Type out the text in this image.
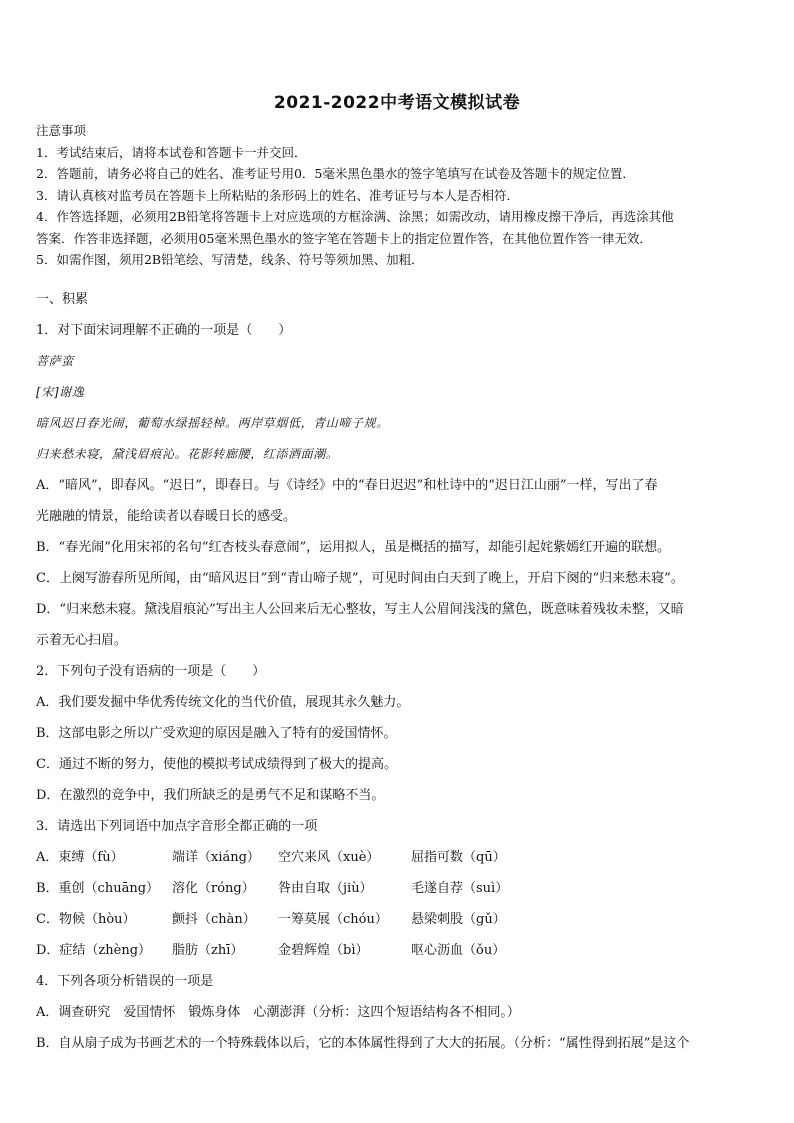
2021-2022中考语文模拟试卷

注意事项

1．考试结束后，请将本试卷和答题卡一并交回．

2．答题前，请务必将自己的姓名、准考证号用0．5毫米黑色墨水的签字笔填写在试卷及答题卡的规定位置．

3．请认真核对监考员在答题卡上所粘贴的条形码上的姓名、准考证号与本人是否相符．

4．作答选择题，必须用2B铅笔将答题卡上对应选项的方框涂满、涂黑；如需改动，请用橡皮擦干净后，再选涂其他

答案．作答非选择题，必须用05毫米黑色墨水的签字笔在答题卡上的指定位置作答，在其他位置作答一律无效．

5．如需作图，须用2B铅笔绘、写清楚，线条、符号等须加黑、加粗．

一、积累

1．对下面宋词理解不正确的一项是（　　）

菩萨蛮

[宋]谢逸

暗风迟日春光闹，葡萄水绿摇轻棹。两岸草烟低，青山啼子规。

归来愁未寝，黛浅眉痕沁。花影转廊腰，红添酒面潮。

A．“暗风”，即春风。“迟日”，即春日。与《诗经》中的“春日迟迟”和杜诗中的“迟日江山丽”一样，写出了春

光融融的情景，能给读者以春暖日长的感受。

B．“春光闹”化用宋祁的名句“红杏枝头春意闹”，运用拟人，虽是概括的描写，却能引起姹紫嫣红开遍的联想。

C．上阕写游春所见所闻，由“暗风迟日”到“青山啼子规”，可见时间由白天到了晚上，开启下阕的“归来愁未寝”。

D．“归来愁未寝。黛浅眉痕沁”写出主人公回来后无心整妆，写主人公眉间浅浅的黛色，既意味着残妆未整，又暗

示着无心扫眉。

2．下列句子没有语病的一项是（　　）

A．我们要发掘中华优秀传统文化的当代价值，展现其永久魅力。

B．这部电影之所以广受欢迎的原因是融入了特有的爱国情怀。

C．通过不断的努力，使他的模拟考试成绩得到了极大的提高。

D．在激烈的竞争中，我们所缺乏的是勇气不足和谋略不当。

3．请选出下列词语中加点字音形全都正确的一项

A．束缚（fù）	端详（xiáng）	空穴来风（xuè）	屈指可数（qū）
B．重创（chuāng） 溶化（róng）	咎由自取（jiù）	毛遂自荐（suì）
C．物候（hòu）	颤抖（chàn）	一筹莫展（chóu）	悬梁刺股（gǔ）
D．症结（zhèng）	脂肪（zhī）	金碧辉煌（bì）	呕心沥血（ǒu）

4．下列各项分析错误的一项是

A．调查研究　爱国情怀　锻炼身体　心潮澎湃（分析：这四个短语结构各不相同。）

B．自从扇子成为书画艺术的一个特殊载体以后，它的本体属性得到了大大的拓展。（分析：“属性得到拓展”是这个
